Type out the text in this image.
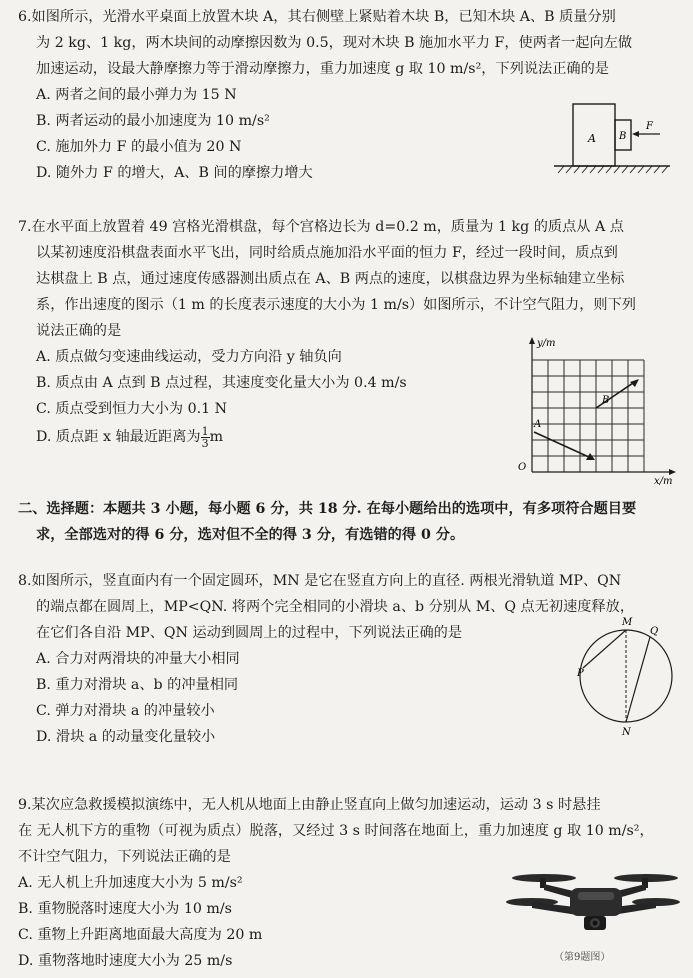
6.如图所示，光滑水平桌面上放置木块 A，其右侧壁上紧贴着木块 B，已知木块 A、B 质量分别
为 2 kg、1 kg，两木块间的动摩擦因数为 0.5，现对木块 B 施加水平力 F，使两者一起向左做
加速运动，设最大静摩擦力等于滑动摩擦力，重力加速度 g 取 10 m/s²，下列说法正确的是
A. 两者之间的最小弹力为 15 N
B. 两者运动的最小加速度为 10 m/s²
C. 施加外力 F 的最小值为 20 N
D. 随外力 F 的增大，A、B 间的摩擦力增大
A B
F
7.在水平面上放置着 49 宫格光滑棋盘，每个宫格边长为 d=0.2 m，质量为 1 kg 的质点从 A 点
以某初速度沿棋盘表面水平飞出，同时给质点施加沿水平面的恒力 F，经过一段时间，质点到
达棋盘上 B 点，通过速度传感器测出质点在 A、B 两点的速度，以棋盘边界为坐标轴建立坐标
系，作出速度的图示（1 m 的长度表示速度的大小为 1 m/s）如图所示，不计空气阻力，则下列
说法正确的是
A. 质点做匀变速曲线运动，受力方向沿 y 轴负向
B. 质点由 A 点到 B 点过程，其速度变化量大小为 0.4 m/s
C. 质点受到恒力大小为 0.1 N
D. 质点距 x 轴最近距离为 $\frac{1}{3}$ m
y/m
x/m
O
A
B
二、选择题：本题共 3 小题，每小题 6 分，共 18 分. 在每小题给出的选项中，有多项符合题目要
求，全部选对的得 6 分，选对但不全的得 3 分，有选错的得 0 分。
8.如图所示，竖直面内有一个固定圆环，MN 是它在竖直方向上的直径. 两根光滑轨道 MP、QN
的端点都在圆周上，MP<QN. 将两个完全相同的小滑块 a、b 分别从 M、Q 点无初速度释放，
在它们各自沿 MP、QN 运动到圆周上的过程中，下列说法正确的是
A. 合力对两滑块的冲量大小相同
B. 重力对滑块 a、b 的冲量相同
C. 弹力对滑块 a 的冲量较小
D. 滑块 a 的动量变化量较小
M
Q
P
N
9.某次应急救援模拟演练中，无人机从地面上由静止竖直向上做匀加速运动，运动 3 s 时悬挂
在 无人机下方的重物（可视为质点）脱落，又经过 3 s 时间落在地面上，重力加速度 g 取 10 m/s²，
不计空气阻力，下列说法正确的是
A. 无人机上升加速度大小为 5 m/s²
B. 重物脱落时速度大小为 10 m/s
C. 重物上升距离地面最大高度为 20 m
D. 重物落地时速度大小为 25 m/s	（第9题图）
